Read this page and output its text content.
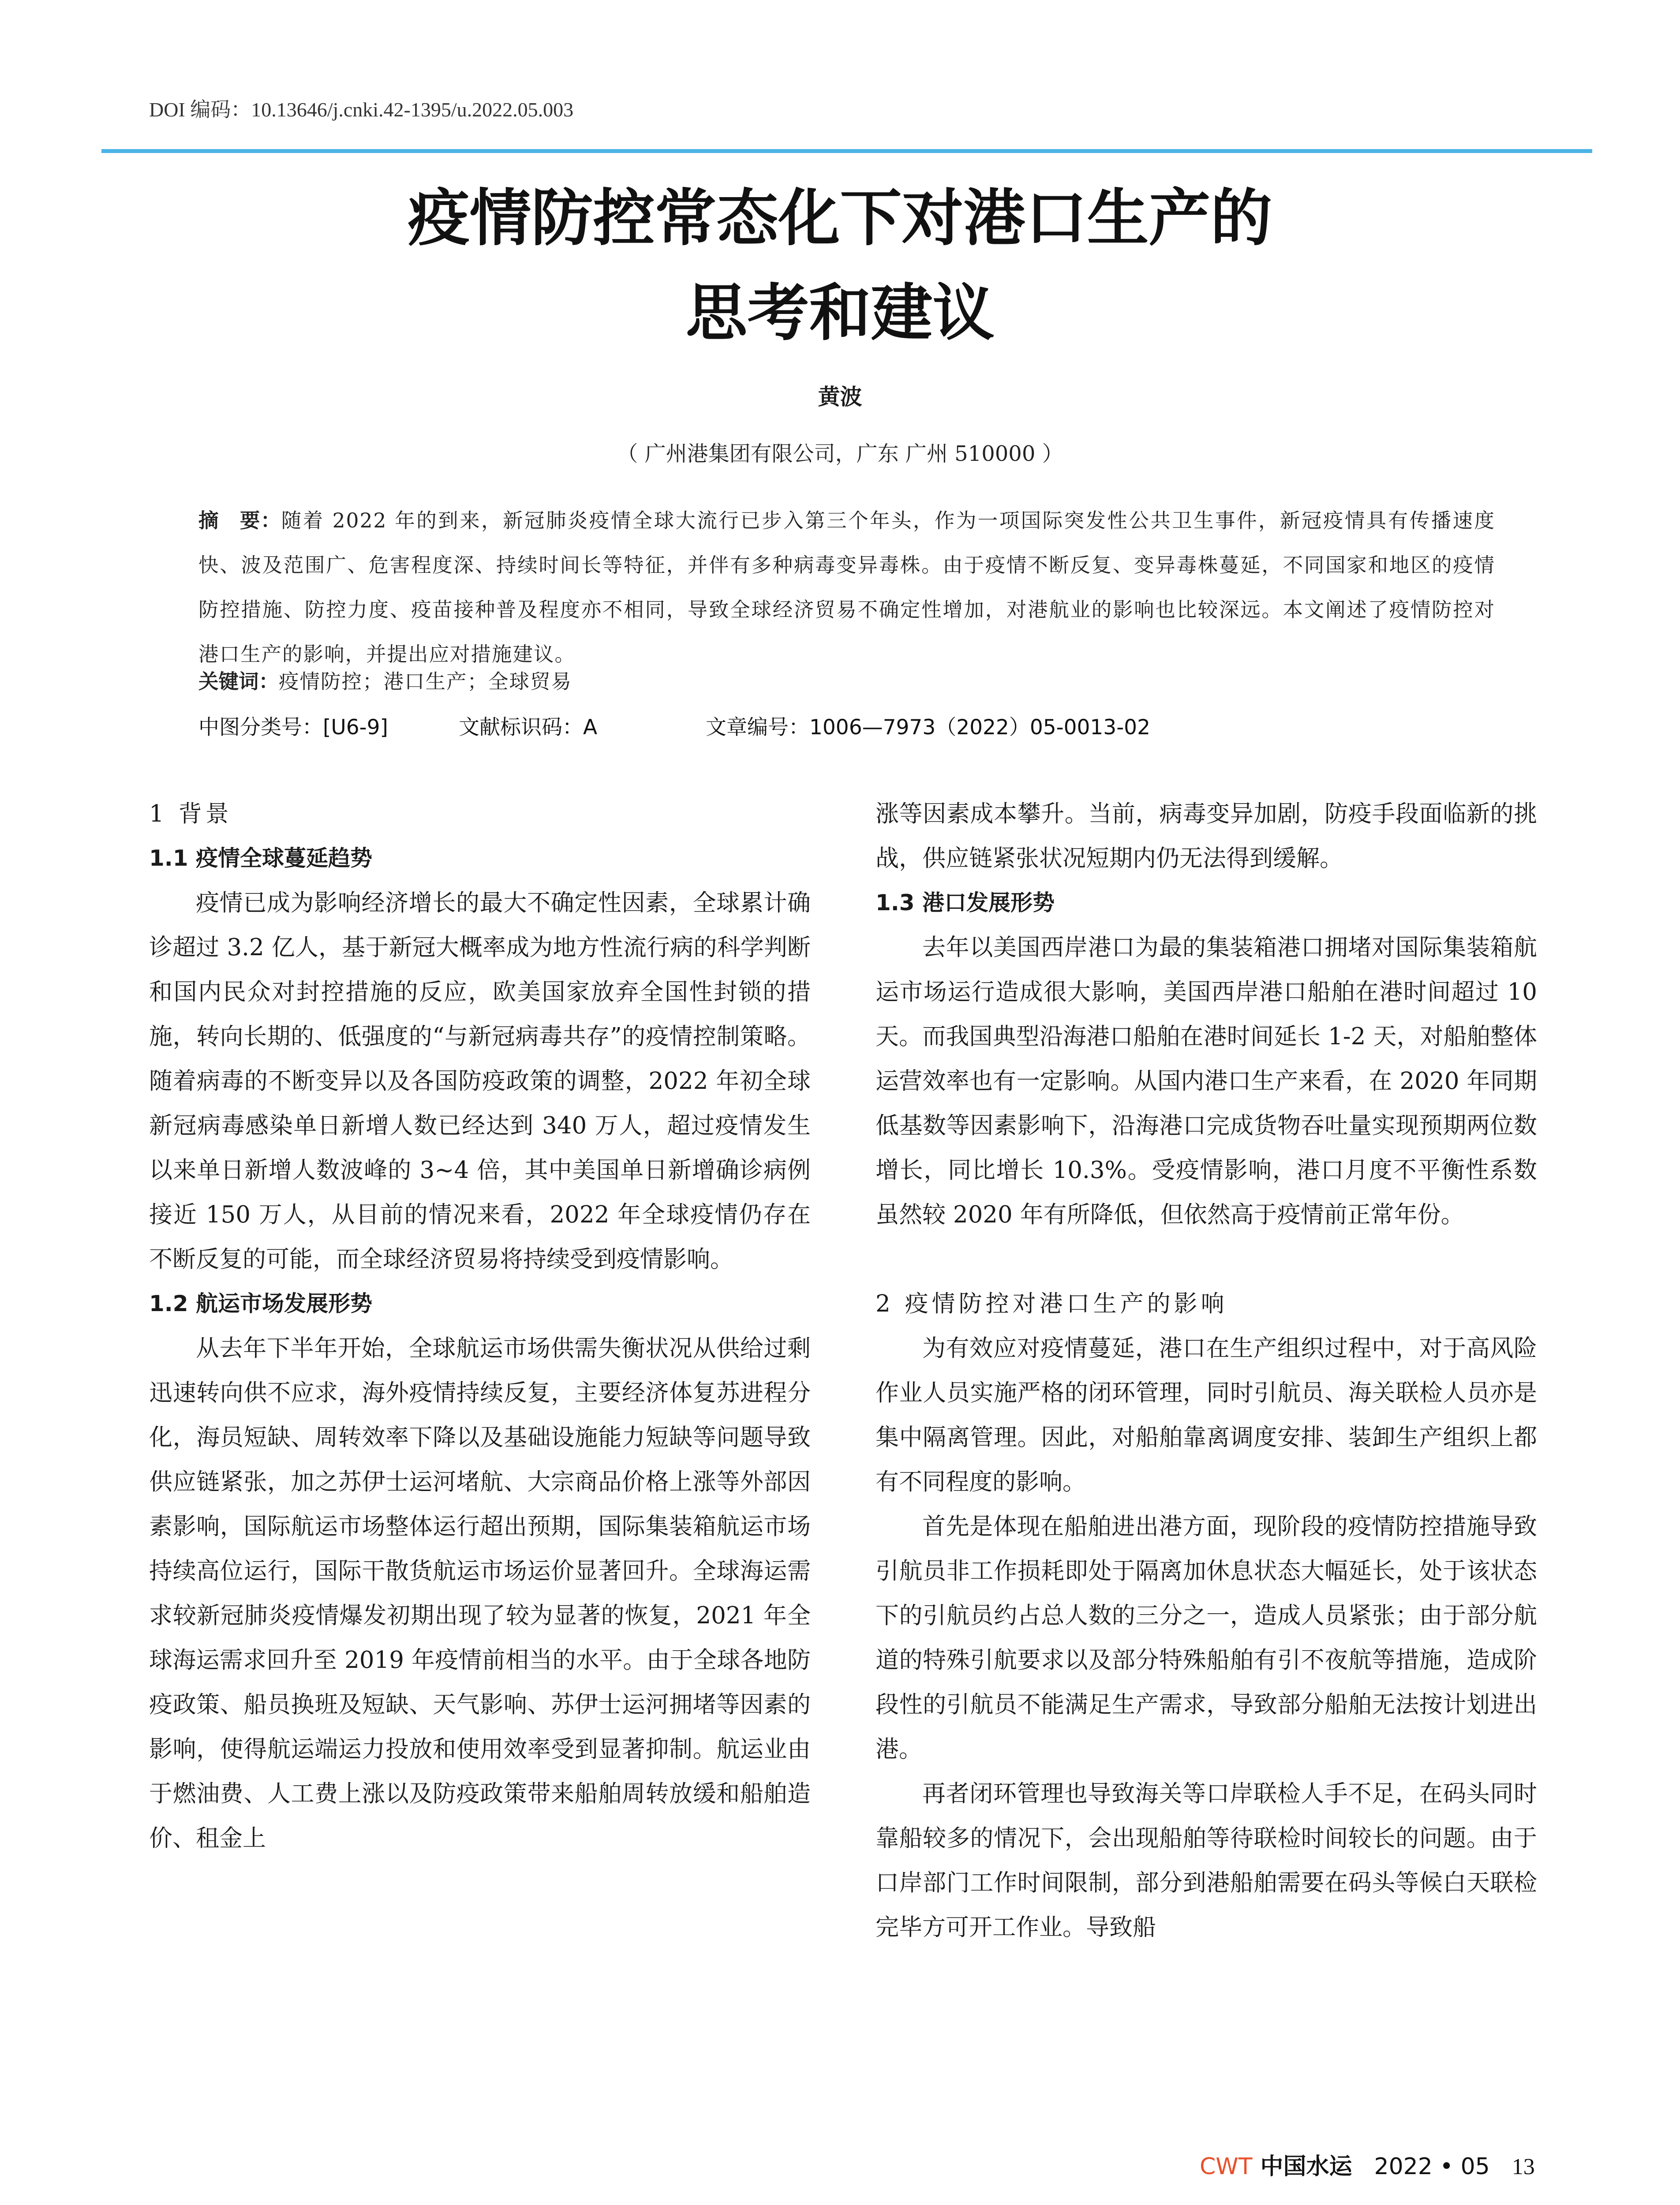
DOI 编码：10.13646/j.cnki.42-1395/u.2022.05.003
疫情防控常态化下对港口生产的
思考和建议
黄波
（ 广州港集团有限公司，广东 广州 510000 ）
摘　要：随着 2022 年的到来，新冠肺炎疫情全球大流行已步入第三个年头，作为一项国际突发性公共卫生事件，新冠疫情具有传播速度快、波及范围广、危害程度深、持续时间长等特征，并伴有多种病毒变异毒株。由于疫情不断反复、变异毒株蔓延，不同国家和地区的疫情防控措施、防控力度、疫苗接种普及程度亦不相同，导致全球经济贸易不确定性增加，对港航业的影响也比较深远。本文阐述了疫情防控对港口生产的影响，并提出应对措施建议。
关键词：疫情防控；港口生产；全球贸易
中图分类号：[U6-9]	文献标识码：A	文章编号：1006—7973（2022）05-0013-02
1 背景
1.1 疫情全球蔓延趋势

疫情已成为影响经济增长的最大不确定性因素，全球累计确诊超过 3.2 亿人，基于新冠大概率成为地方性流行病的科学判断和国内民众对封控措施的反应，欧美国家放弃全国性封锁的措施，转向长期的、低强度的“与新冠病毒共存”的疫情控制策略。随着病毒的不断变异以及各国防疫政策的调整，2022 年初全球新冠病毒感染单日新增人数已经达到 340 万人，超过疫情发生以来单日新增人数波峰的 3~4 倍，其中美国单日新增确诊病例接近 150 万人，从目前的情况来看，2022 年全球疫情仍存在不断反复的可能，而全球经济贸易将持续受到疫情影响。

1.2 航运市场发展形势

从去年下半年开始，全球航运市场供需失衡状况从供给过剩迅速转向供不应求，海外疫情持续反复，主要经济体复苏进程分化，海员短缺、周转效率下降以及基础设施能力短缺等问题导致供应链紧张，加之苏伊士运河堵航、大宗商品价格上涨等外部因素影响，国际航运市场整体运行超出预期，国际集装箱航运市场持续高位运行，国际干散货航运市场运价显著回升。全球海运需求较新冠肺炎疫情爆发初期出现了较为显著的恢复，2021 年全球海运需求回升至 2019 年疫情前相当的水平。由于全球各地防疫政策、船员换班及短缺、天气影响、苏伊士运河拥堵等因素的影响，使得航运端运力投放和使用效率受到显著抑制。航运业由于燃油费、人工费上涨以及防疫政策带来船舶周转放缓和船舶造价、租金上

涨等因素成本攀升。当前，病毒变异加剧，防疫手段面临新的挑战，供应链紧张状况短期内仍无法得到缓解。

1.3 港口发展形势

去年以美国西岸港口为最的集装箱港口拥堵对国际集装箱航运市场运行造成很大影响，美国西岸港口船舶在港时间超过 10 天。而我国典型沿海港口船舶在港时间延长 1-2 天，对船舶整体运营效率也有一定影响。从国内港口生产来看，在 2020 年同期低基数等因素影响下，沿海港口完成货物吞吐量实现预期两位数增长，同比增长 10.3%。受疫情影响，港口月度不平衡性系数虽然较 2020 年有所降低，但依然高于疫情前正常年份。

2 疫情防控对港口生产的影响

为有效应对疫情蔓延，港口在生产组织过程中，对于高风险作业人员实施严格的闭环管理，同时引航员、海关联检人员亦是集中隔离管理。因此，对船舶靠离调度安排、装卸生产组织上都有不同程度的影响。

首先是体现在船舶进出港方面，现阶段的疫情防控措施导致引航员非工作损耗即处于隔离加休息状态大幅延长，处于该状态下的引航员约占总人数的三分之一，造成人员紧张；由于部分航道的特殊引航要求以及部分特殊船舶有引不夜航等措施，造成阶段性的引航员不能满足生产需求，导致部分船舶无法按计划进出港。

再者闭环管理也导致海关等口岸联检人手不足，在码头同时靠船较多的情况下，会出现船舶等待联检时间较长的问题。由于口岸部门工作时间限制，部分到港船舶需要在码头等候白天联检完毕方可开工作业。导致船

CWT 中国水运 2022 • 05 13
